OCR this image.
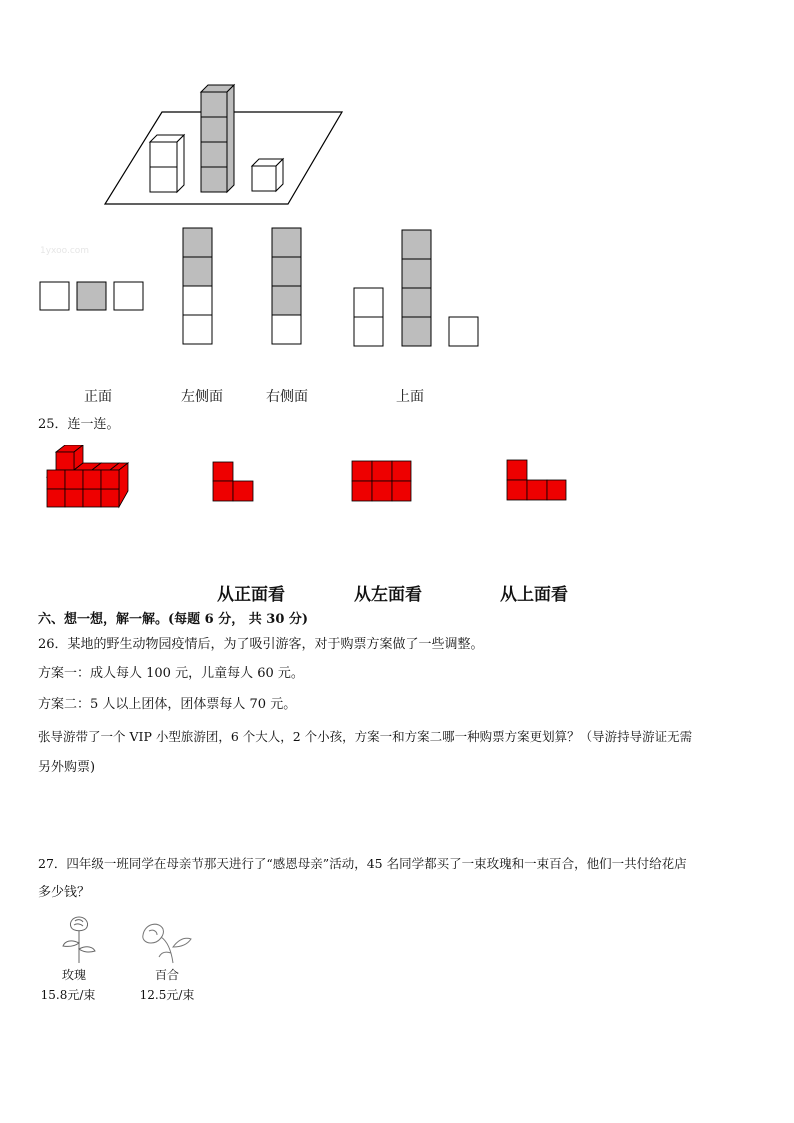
1yxoo.com
正面	左侧面	右侧面	上面
25．连一连。
从正面看	从左面看	从上面看
六、想一想，解一解。(每题 6 分， 共 30 分)
26．某地的野生动物园疫情后，为了吸引游客，对于购票方案做了一些调整。
方案一：成人每人 100 元，儿童每人 60 元。
方案二：5 人以上团体，团体票每人 70 元。
张导游带了一个 VIP 小型旅游团，6 个大人，2 个小孩，方案一和方案二哪一种购票方案更划算？（导游持导游证无需
另外购票)
27．四年级一班同学在母亲节那天进行了“感恩母亲”活动，45 名同学都买了一束玫瑰和一束百合，他们一共付给花店
多少钱？
玫瑰
15.8元/束
百合
12.5元/束
